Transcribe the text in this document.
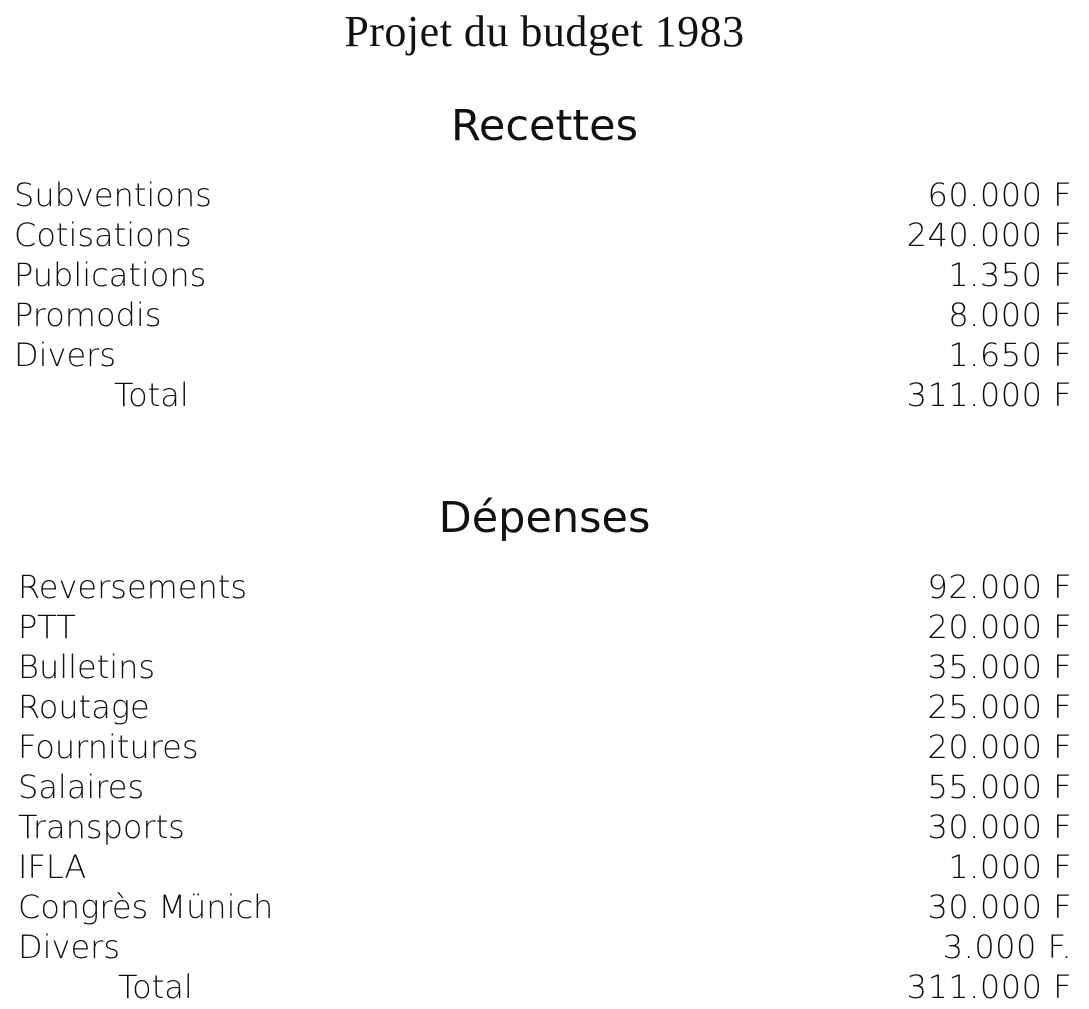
Projet du budget 1983
Recettes
Subventions	60.000 F
Cotisations	240.000 F
Publications	1.350 F
Promodis	8.000 F
Divers	1.650 F
Total	311.000 F
Dépenses
Reversements	92.000 F
PTT	20.000 F
Bulletins	35.000 F
Routage	25.000 F
Fournitures	20.000 F
Salaires	55.000 F
Transports	30.000 F
IFLA	1.000 F
Congrès Münich	30.000 F
Divers	3.000 F.
Total	311.000 F
